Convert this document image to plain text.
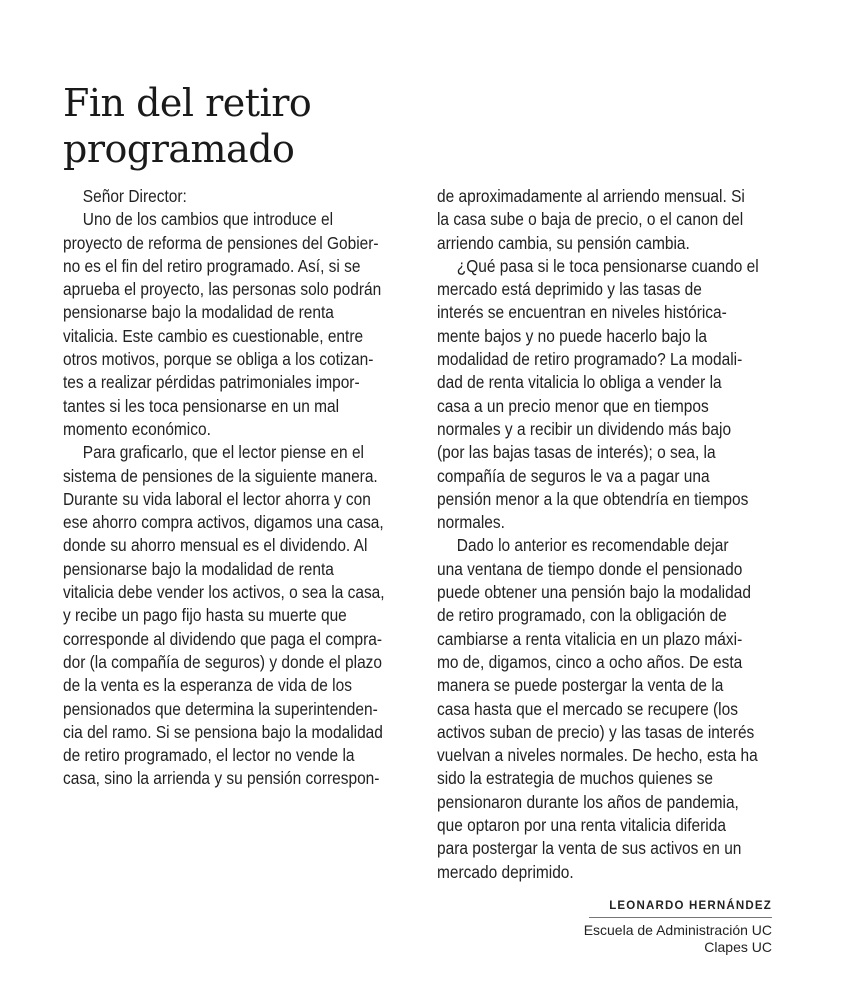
Fin del retiro
programado
Señor Director:
Uno de los cambios que introduce el
proyecto de reforma de pensiones del Gobier-
no es el fin del retiro programado. Así, si se
aprueba el proyecto, las personas solo podrán
pensionarse bajo la modalidad de renta
vitalicia. Este cambio es cuestionable, entre
otros motivos, porque se obliga a los cotizan-
tes a realizar pérdidas patrimoniales impor-
tantes si les toca pensionarse en un mal
momento económico.
Para graficarlo, que el lector piense en el
sistema de pensiones de la siguiente manera.
Durante su vida laboral el lector ahorra y con
ese ahorro compra activos, digamos una casa,
donde su ahorro mensual es el dividendo. Al
pensionarse bajo la modalidad de renta
vitalicia debe vender los activos, o sea la casa,
y recibe un pago fijo hasta su muerte que
corresponde al dividendo que paga el compra-
dor (la compañía de seguros) y donde el plazo
de la venta es la esperanza de vida de los
pensionados que determina la superintenden-
cia del ramo. Si se pensiona bajo la modalidad
de retiro programado, el lector no vende la
casa, sino la arrienda y su pensión correspon-
de aproximadamente al arriendo mensual. Si
la casa sube o baja de precio, o el canon del
arriendo cambia, su pensión cambia.
¿Qué pasa si le toca pensionarse cuando el
mercado está deprimido y las tasas de
interés se encuentran en niveles histórica-
mente bajos y no puede hacerlo bajo la
modalidad de retiro programado? La modali-
dad de renta vitalicia lo obliga a vender la
casa a un precio menor que en tiempos
normales y a recibir un dividendo más bajo
(por las bajas tasas de interés); o sea, la
compañía de seguros le va a pagar una
pensión menor a la que obtendría en tiempos
normales.
Dado lo anterior es recomendable dejar
una ventana de tiempo donde el pensionado
puede obtener una pensión bajo la modalidad
de retiro programado, con la obligación de
cambiarse a renta vitalicia en un plazo máxi-
mo de, digamos, cinco a ocho años. De esta
manera se puede postergar la venta de la
casa hasta que el mercado se recupere (los
activos suban de precio) y las tasas de interés
vuelvan a niveles normales. De hecho, esta ha
sido la estrategia de muchos quienes se
pensionaron durante los años de pandemia,
que optaron por una renta vitalicia diferida
para postergar la venta de sus activos en un
mercado deprimido.
LEONARDO HERNÁNDEZ
Escuela de Administración UC
Clapes UC
